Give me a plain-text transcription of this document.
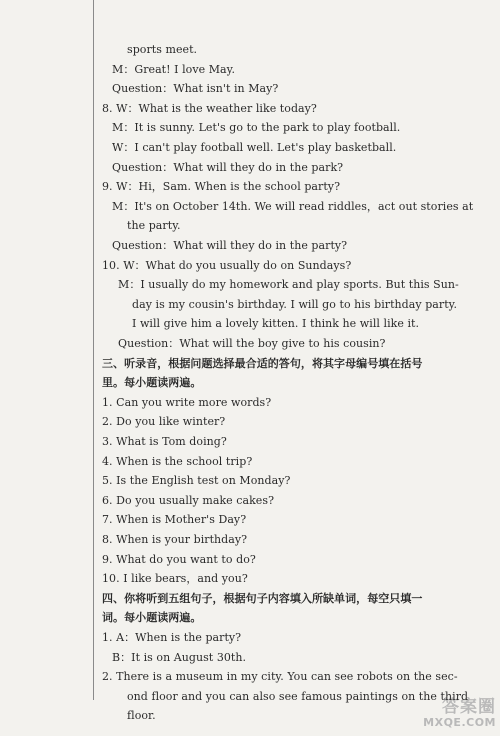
答案圈
MXQE.COM
sports meet.
M：Great! I love May.
Question：What isn't in May?
8. W：What is the weather like today?
M：It is sunny. Let's go to the park to play football.
W：I can't play football well. Let's play basketball.
Question：What will they do in the park?
9. W：Hi，Sam. When is the school party?
M：It's on October 14th. We will read riddles，act out stories at
the party.
Question：What will they do in the party?
10. W：What do you usually do on Sundays?
M：I usually do my homework and play sports. But this Sun-
day is my cousin's birthday. I will go to his birthday party.
I will give him a lovely kitten. I think he will like it.
Question：What will the boy give to his cousin?
三、听录音，根据问题选择最合适的答句，将其字母编号填在括号
里。每小题读两遍。
1. Can you write more words?
2. Do you like winter?
3. What is Tom doing?
4. When is the school trip?
5. Is the English test on Monday?
6. Do you usually make cakes?
7. When is Mother's Day?
8. When is your birthday?
9. What do you want to do?
10. I like bears，and you?
四、你将听到五组句子，根据句子内容填入所缺单词，每空只填一
词。每小题读两遍。
1. A：When is the party?
B：It is on August 30th.
2. There is a museum in my city. You can see robots on the sec-
ond floor and you can also see famous paintings on the third
floor.
